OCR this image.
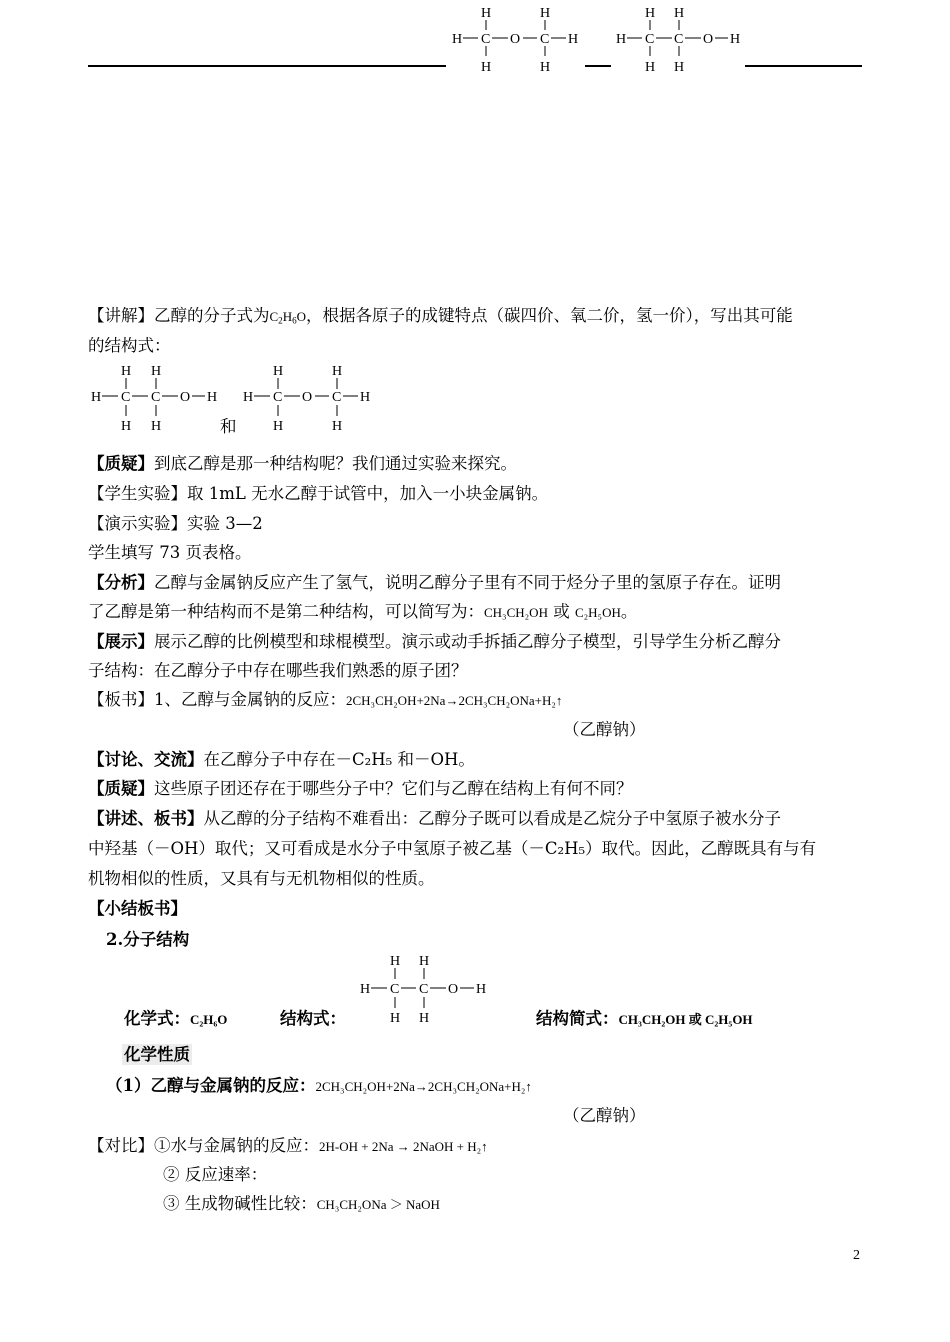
H	H
H C O C H
H	H
H H
H C C O H
H H
【讲解】乙醇的分子式为$C_2H_6O$，根据各原子的成键特点（碳四价、氧二价，氢一价），写出其可能
的结构式：
H H
H C C O H
H H	和
H	H
H C O C H
H	H
【质疑】到底乙醇是那一种结构呢？我们通过实验来探究。
【学生实验】取 1mL 无水乙醇于试管中，加入一小块金属钠。
【演示实验】实验 3—2
学生填写 73 页表格。
【分析】乙醇与金属钠反应产生了氢气，说明乙醇分子里有不同于烃分子里的氢原子存在。证明
了乙醇是第一种结构而不是第二种结构，可以简写为：CH₃CH₂OH 或 C₂H₅OH。
【展示】展示乙醇的比例模型和球棍模型。演示或动手拆插乙醇分子模型，引导学生分析乙醇分
子结构：在乙醇分子中存在哪些我们熟悉的原子团？
【板书】1、乙醇与金属钠的反应：2CH₃CH₂OH+2Na→2CH₃CH₂ONa+H₂↑
（乙醇钠）
【讨论、交流】在乙醇分子中存在－C₂H₅ 和－OH。
【质疑】这些原子团还存在于哪些分子中？它们与乙醇在结构上有何不同？
【讲述、板书】从乙醇的分子结构不难看出：乙醇分子既可以看成是乙烷分子中氢原子被水分子
中羟基（－OH）取代；又可看成是水分子中氢原子被乙基（－C₂H₅）取代。因此，乙醇既具有与有
机物相似的性质，又具有与无机物相似的性质。
【小结板书】
2.分子结构
H H
H C C O H
H H
化学式：C₂H₆O	结构式：	结构简式：CH₃CH₂OH 或 C₂H₅OH
化学性质
（1）乙醇与金属钠的反应：2CH₃CH₂OH+2Na→2CH₃CH₂ONa+H₂↑
（乙醇钠）
【对比】①水与金属钠的反应：2H-OH + 2Na → 2NaOH + H₂↑
② 反应速率：
③ 生成物碱性比较：CH₃CH₂ONa ＞ NaOH
2
